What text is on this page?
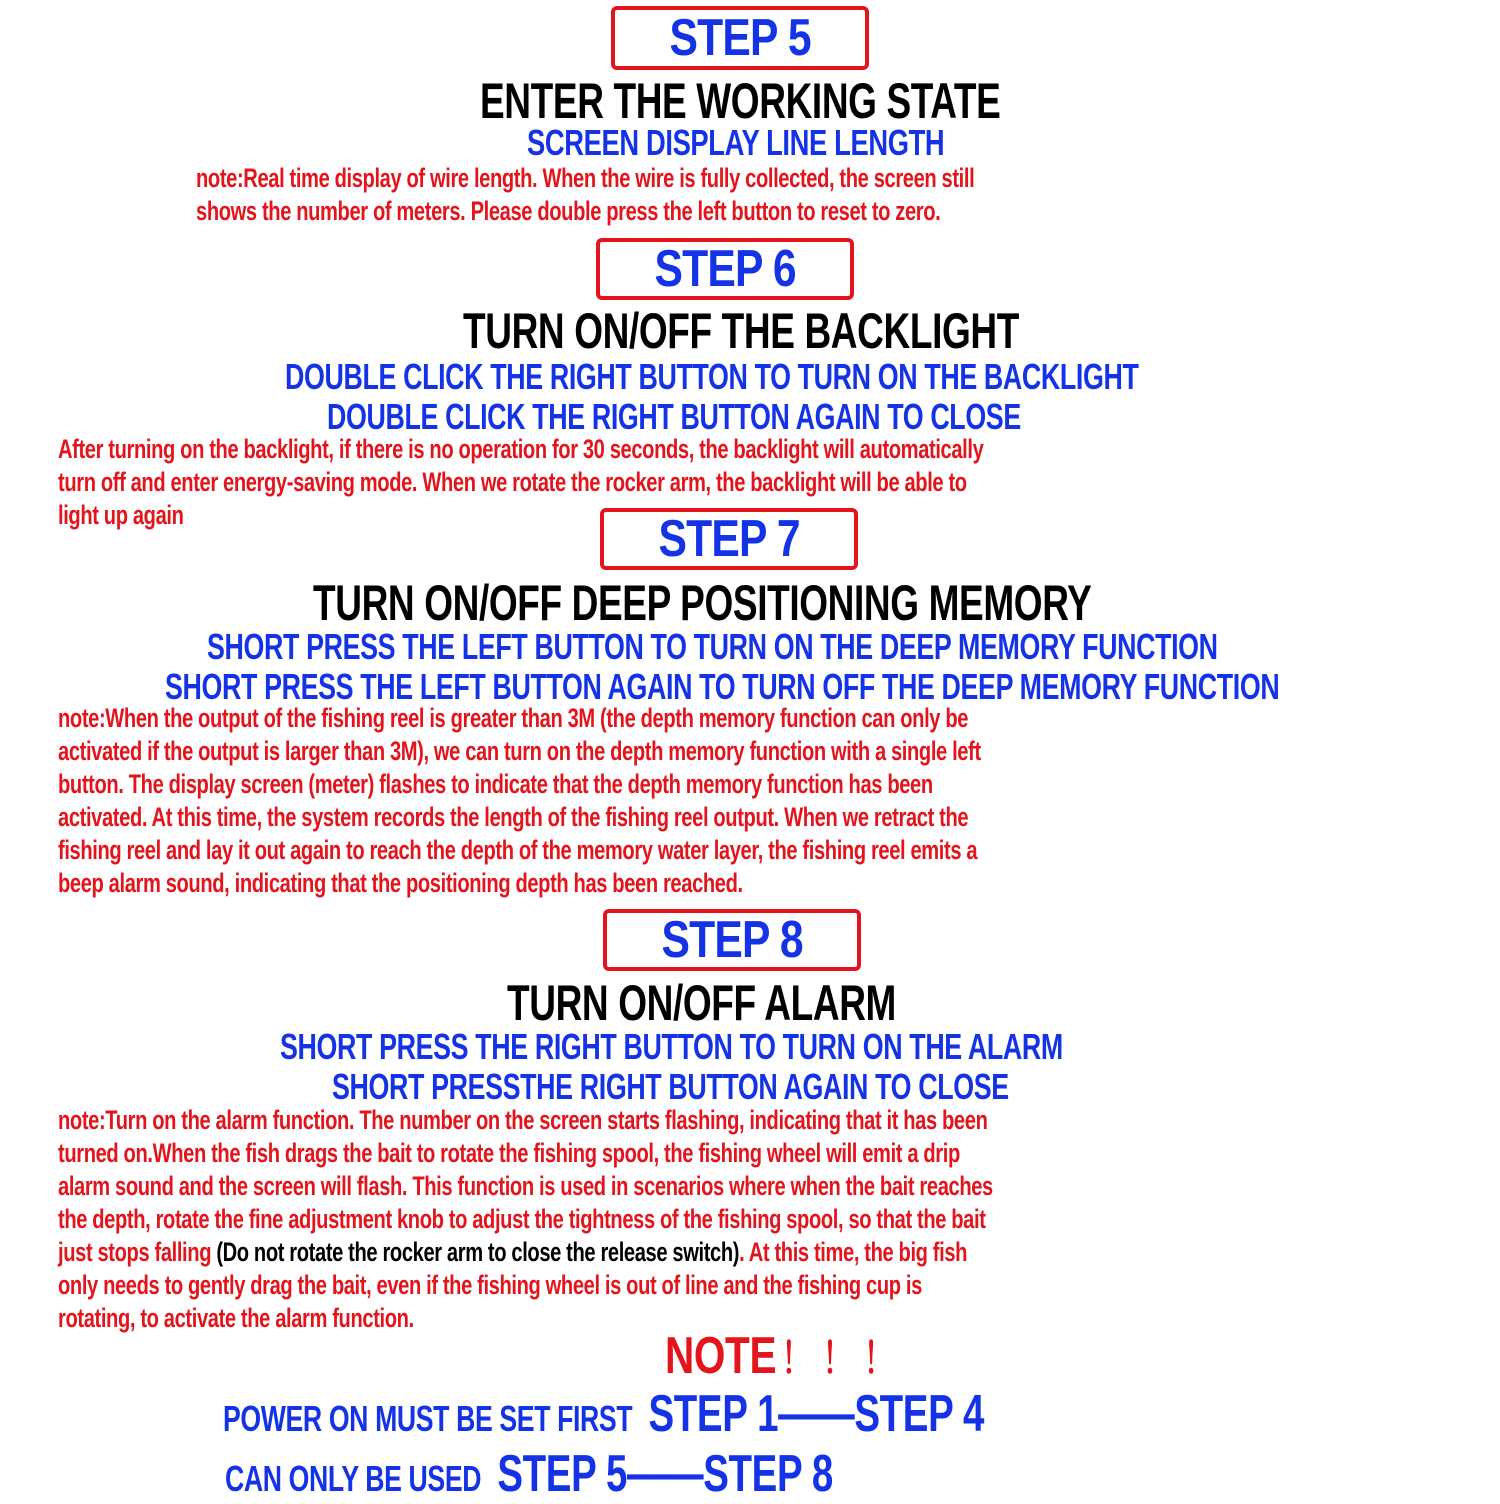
STEP 5
ENTER THE WORKING STATE
SCREEN DISPLAY LINE LENGTH
note:Real time display of wire length. When the wire is fully collected, the screen still
shows the number of meters. Please double press the left button to reset to zero.
STEP 6
TURN ON/OFF THE BACKLIGHT
DOUBLE CLICK THE RIGHT BUTTON TO TURN ON THE BACKLIGHT
DOUBLE CLICK THE RIGHT BUTTON AGAIN TO CLOSE
After turning on the backlight, if there is no operation for 30 seconds, the backlight will automatically
turn off and enter energy-saving mode. When we rotate the rocker arm, the backlight will be able to
light up again	STEP 7
TURN ON/OFF DEEP POSITIONING MEMORY
SHORT PRESS THE LEFT BUTTON TO TURN ON THE DEEP MEMORY FUNCTION
SHORT PRESS THE LEFT BUTTON AGAIN TO TURN OFF THE DEEP MEMORY FUNCTION
note:When the output of the fishing reel is greater than 3M (the depth memory function can only be
activated if the output is larger than 3M), we can turn on the depth memory function with a single left
button. The display screen (meter) flashes to indicate that the depth memory function has been
activated. At this time, the system records the length of the fishing reel output. When we retract the
fishing reel and lay it out again to reach the depth of the memory water layer, the fishing reel emits a
beep alarm sound, indicating that the positioning depth has been reached.
STEP 8
TURN ON/OFF ALARM
SHORT PRESS THE RIGHT BUTTON TO TURN ON THE ALARM
SHORT PRESSTHE RIGHT BUTTON AGAIN TO CLOSE
note:Turn on the alarm function. The number on the screen starts flashing, indicating that it has been
turned on.When the fish drags the bait to rotate the fishing spool, the fishing wheel will emit a drip
alarm sound and the screen will flash. This function is used in scenarios where when the bait reaches
the depth, rotate the fine adjustment knob to adjust the tightness of the fishing spool, so that the bait
just stops falling (Do not rotate the rocker arm to close the release switch). At this time, the big fish
only needs to gently drag the bait, even if the fishing wheel is out of line and the fishing cup is
rotating, to activate the alarm function.
NOTE ！ ！ ！
POWER ON MUST BE SET FIRST STEP 1——STEP 4
CAN ONLY BE USED STEP 5——STEP 8
